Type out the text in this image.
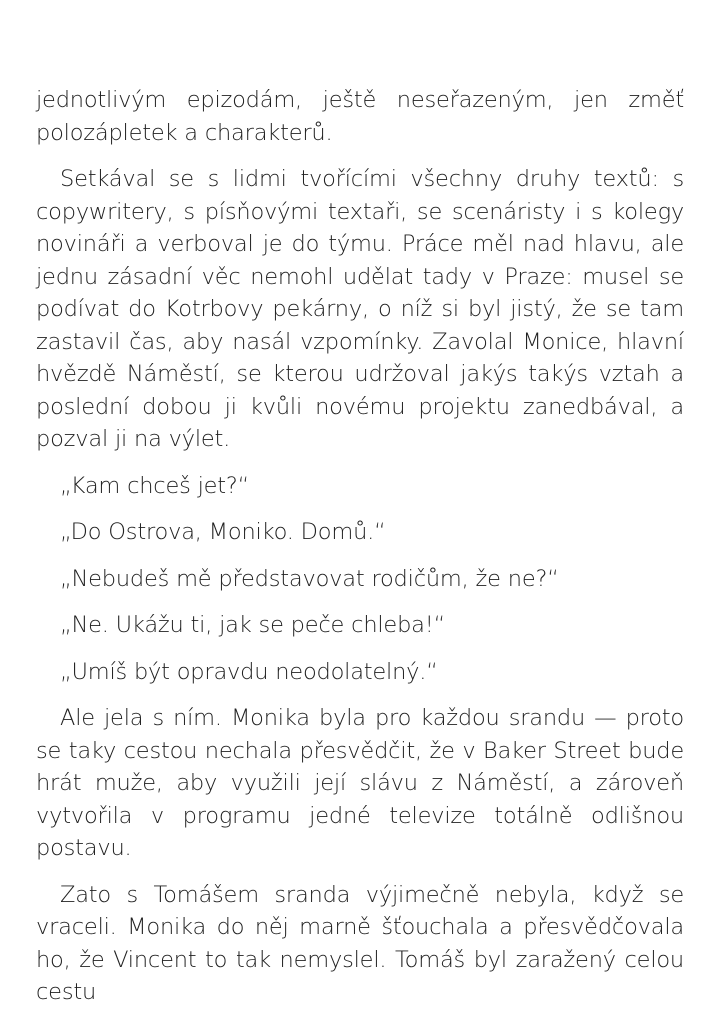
jednotlivým epizodám, ještě neseřazeným, jen změť polozápletek a charakterů.

Setkával se s lidmi tvořícími všechny druhy textů: s copywritery, s písňovými textaři, se scenáristy i s kolegy novináři a verboval je do týmu. Práce měl nad hlavu, ale jednu zásadní věc nemohl udělat tady v Praze: musel se podívat do Kotrbovy pekárny, o níž si byl jistý, že se tam zastavil čas, aby nasál vzpomínky. Zavolal Monice, hlavní hvězdě Náměstí, se kterou udržoval jakýs takýs vztah a poslední dobou ji kvůli novému projektu zanedbával, a pozval ji na výlet.

„Kam chceš jet?“

„Do Ostrova, Moniko. Domů.“

„Nebudeš mě představovat rodičům, že ne?“

„Ne. Ukážu ti, jak se peče chleba!“

„Umíš být opravdu neodolatelný.“

Ale jela s ním. Monika byla pro každou srandu — proto se taky cestou nechala přesvědčit, že v Baker Street bude hrát muže, aby využili její slávu z Náměstí, a zároveň vytvořila v programu jedné televize totálně odlišnou postavu.

Zato s Tomášem sranda výjimečně nebyla, když se vraceli. Monika do něj marně šťouchala a přesvědčovala ho, že Vincent to tak nemyslel. Tomáš byl zaražený celou cestu
